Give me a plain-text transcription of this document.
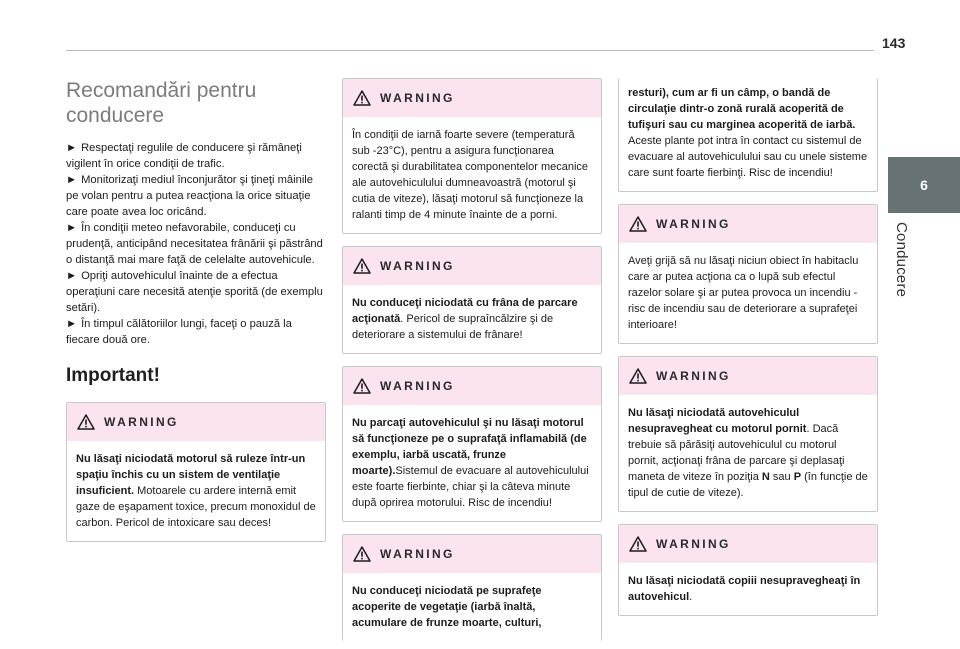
143
6
Conducere
Recomandări pentru conducere
► Respectaţi regulile de conducere şi rămâneţi vigilent în orice condiţii de trafic.
► Monitorizaţi mediul înconjurător şi ţineţi mâinile pe volan pentru a putea reacţiona la orice situaţie care poate avea loc oricând.
► În condiţii meteo nefavorabile, conduceţi cu prudenţă, anticipând necesitatea frânării şi păstrând o distanţă mai mare faţă de celelalte autovehicule.
► Opriţi autovehiculul înainte de a efectua operaţiuni care necesită atenţie sporită (de exemplu setări).
► În timpul călătoriilor lungi, faceţi o pauză la fiecare două ore.
Important!
WARNING
Nu lăsaţi niciodată motorul să ruleze într-un spaţiu închis cu un sistem de ventilaţie insuficient. Motoarele cu ardere internă emit gaze de eşapament toxice, precum monoxidul de carbon. Pericol de intoxicare sau deces!
WARNING
În condiţii de iarnă foarte severe (temperatură sub -23°C), pentru a asigura funcţionarea corectă şi durabilitatea componentelor mecanice ale autovehiculului dumneavoastră (motorul şi cutia de viteze), lăsaţi motorul să funcţioneze la ralanti timp de 4 minute înainte de a porni.
WARNING
Nu conduceţi niciodată cu frâna de parcare acţionată. Pericol de supraîncălzire şi de deteriorare a sistemului de frânare!
WARNING
Nu parcaţi autovehiculul şi nu lăsaţi motorul să funcţioneze pe o suprafaţă inflamabilă (de exemplu, iarbă uscată, frunze moarte).Sistemul de evacuare al autovehiculului este foarte fierbinte, chiar şi la câteva minute după oprirea motorului. Risc de incendiu!
WARNING
Nu conduceţi niciodată pe suprafeţe acoperite de vegetaţie (iarbă înaltă, acumulare de frunze moarte, culturi,
resturi), cum ar fi un câmp, o bandă de circulaţie dintr-o zonă rurală acoperită de tufişuri sau cu marginea acoperită de iarbă.
Aceste plante pot intra în contact cu sistemul de evacuare al autovehiculului sau cu unele sisteme care sunt foarte fierbinţi. Risc de incendiu!
WARNING
Aveţi grijă să nu lăsaţi niciun obiect în habitaclu care ar putea acţiona ca o lupă sub efectul razelor solare şi ar putea provoca un incendiu - risc de incendiu sau de deteriorare a suprafeţei interioare!
WARNING
Nu lăsaţi niciodată autovehiculul nesupravegheat cu motorul pornit. Dacă trebuie să părăsiţi autovehiculul cu motorul pornit, acţionaţi frâna de parcare şi deplasaţi maneta de viteze în poziţia N sau P (în funcţie de tipul de cutie de viteze).
WARNING
Nu lăsaţi niciodată copiii nesupravegheaţi în autovehicul.
